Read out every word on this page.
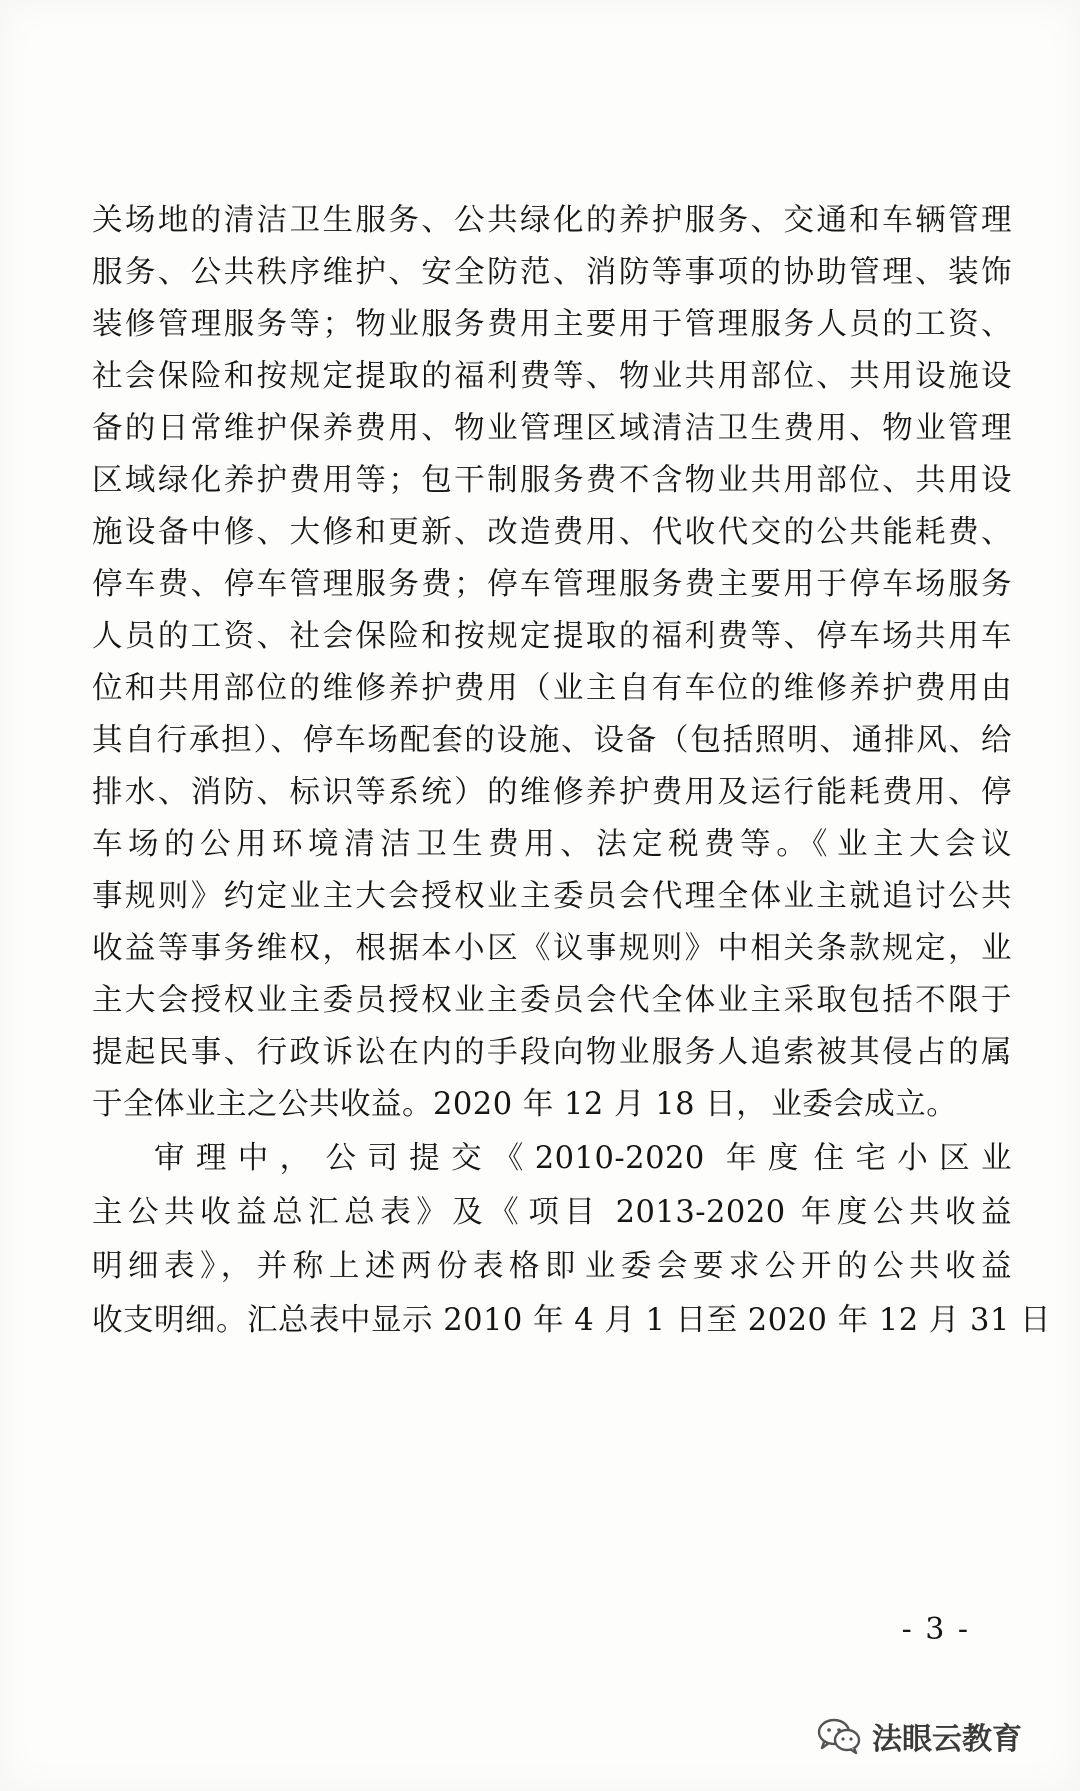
关场地的清洁卫生服务、公共绿化的养护服务、交通和车辆管理
服务、公共秩序维护、安全防范、消防等事项的协助管理、装饰
装修管理服务等；物业服务费用主要用于管理服务人员的工资、
社会保险和按规定提取的福利费等、物业共用部位、共用设施设
备的日常维护保养费用、物业管理区域清洁卫生费用、物业管理
区域绿化养护费用等；包干制服务费不含物业共用部位、共用设
施设备中修、大修和更新、改造费用、代收代交的公共能耗费、
停车费、停车管理服务费；停车管理服务费主要用于停车场服务
人员的工资、社会保险和按规定提取的福利费等、停车场共用车
位和共用部位的维修养护费用（业主自有车位的维修养护费用由
其自行承担）、停车场配套的设施、设备（包括照明、通排风、给
排水、消防、标识等系统）的维修养护费用及运行能耗费用、停
车场的公用环境清洁卫生费用、法定税费等。《 业主大会议
事规则》约定业主大会授权业主委员会代理全体业主就追讨公共
收益等事务维权，根据本小区《议事规则》中相关条款规定，业
主大会授权业主委员授权业主委员会代全体业主采取包括不限于
提起民事、行政诉讼在内的手段向物业服务人追索被其侵占的属
于全体业主之公共收益。2020 年 12 月 18 日， 业委会成立。
审理中， 公司提交《2010-2020 年度 住宅小区业
主公共收益总汇总表》及《 项目 2013-2020 年度公共收益
明细表》，并称上述两份表格即 业委会要求公开的公共收益
收支明细。汇总表中显示 2010 年 4 月 1 日至 2020 年 12 月 31 日
- 3 -
法眼云教育
